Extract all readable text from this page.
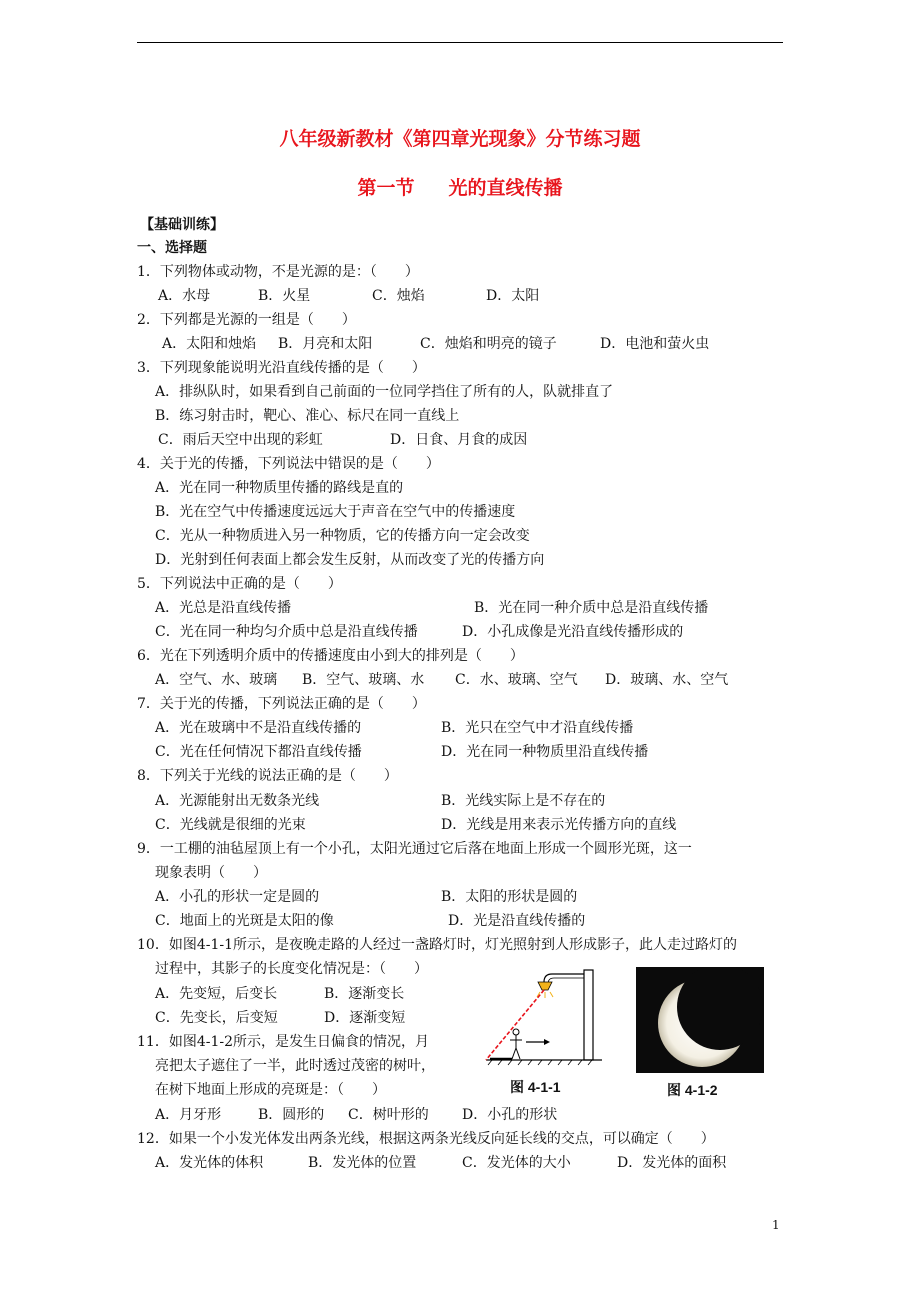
八年级新教材《第四章光现象》分节练习题
第一节 光的直线传播
【基础训练】
一、选择题
1．下列物体或动物，不是光源的是：（　　）
A．水母	B．火星	C．烛焰	D．太阳
2．下列都是光源的一组是（　　）
A．太阳和烛焰 B．月亮和太阳	C．烛焰和明亮的镜子	D．电池和萤火虫
3．下列现象能说明光沿直线传播的是（　　）
A．排纵队时，如果看到自己前面的一位同学挡住了所有的人，队就排直了
B．练习射击时，靶心、准心、标尺在同一直线上
C．雨后天空中出现的彩虹	D．日食、月食的成因
4．关于光的传播，下列说法中错误的是（　　）
A．光在同一种物质里传播的路线是直的
B．光在空气中传播速度远远大于声音在空气中的传播速度
C．光从一种物质进入另一种物质，它的传播方向一定会改变
D．光射到任何表面上都会发生反射，从而改变了光的传播方向
5．下列说法中正确的是（　　）
A．光总是沿直线传播	B．光在同一种介质中总是沿直线传播
C．光在同一种均匀介质中总是沿直线传播	D．小孔成像是光沿直线传播形成的
6．光在下列透明介质中的传播速度由小到大的排列是（　　）
A．空气、水、玻璃 B．空气、玻璃、水 C．水、玻璃、空气 D．玻璃、水、空气
7．关于光的传播，下列说法正确的是（　　）
A．光在玻璃中不是沿直线传播的	B．光只在空气中才沿直线传播
C．光在任何情况下都沿直线传播	D．光在同一种物质里沿直线传播
8．下列关于光线的说法正确的是（　　）
A．光源能射出无数条光线	B．光线实际上是不存在的
C．光线就是很细的光束	D．光线是用来表示光传播方向的直线
9．一工棚的油毡屋顶上有一个小孔，太阳光通过它后落在地面上形成一个圆形光斑，这一
现象表明（　　）
A．小孔的形状一定是圆的	B．太阳的形状是圆的
C．地面上的光斑是太阳的像	D．光是沿直线传播的
10．如图4-1-1所示，是夜晚走路的人经过一盏路灯时，灯光照射到人形成影子，此人走过路灯的
过程中，其影子的长度变化情况是：（　　）
A．先变短，后变长	B．逐渐变长
C．先变长，后变短	D．逐渐变短
11．如图4-1-2所示，是发生日偏食的情况，月
亮把太子遮住了一半，此时透过茂密的树叶，
在树下地面上形成的亮斑是：（　　）
A．月牙形	B．圆形的 C．树叶形的 D．小孔的形状
12．如果一个小发光体发出两条光线，根据这两条光线反向延长线的交点，可以确定（　　）
A．发光体的体积	B．发光体的位置	C．发光体的大小	D．发光体的面积
图 4-1-1	图 4-1-2
1
